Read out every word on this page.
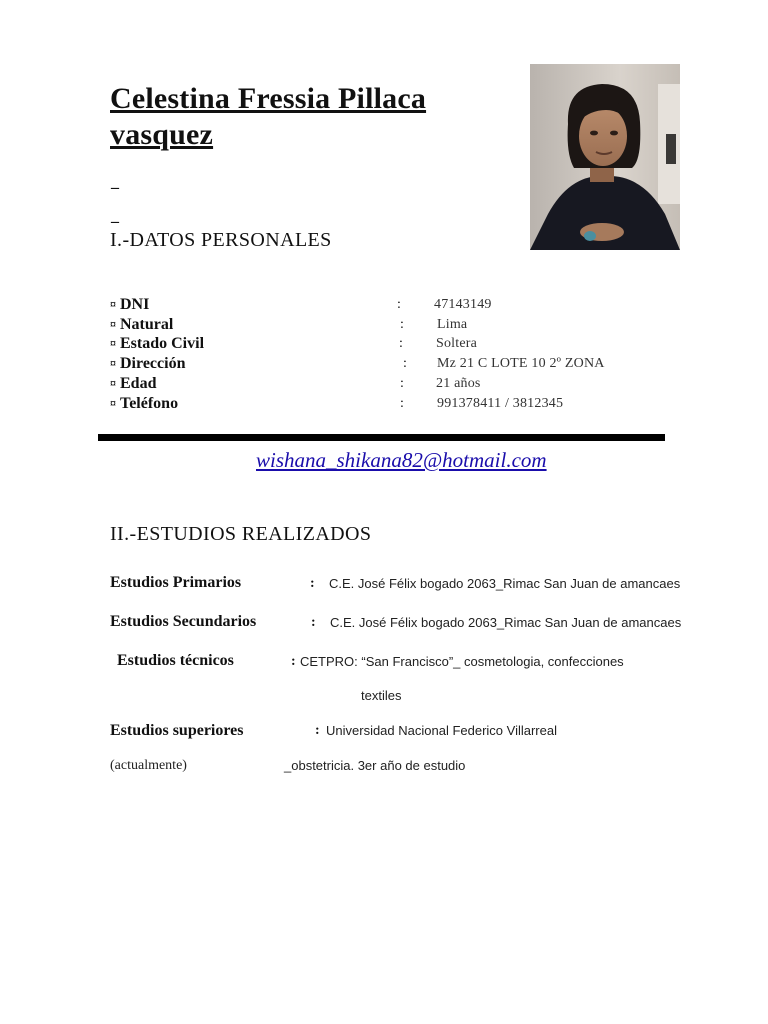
Celestina Fressia Pillaca
vasquez
_
_
I.-DATOS PERSONALES
¤ DNI	: 47143149
¤ Natural	: Lima
¤ Estado Civil	: Soltera
¤ Dirección	: Mz 21 C LOTE 10 2º ZONA
¤ Edad	: 21 años
¤ Teléfono	: 991378411 / 3812345
wishana_shikana82@hotmail.com
II.-ESTUDIOS REALIZADOS
Estudios Primarios	: C.E. José Félix bogado 2063_Rimac San Juan de amancaes
Estudios Secundarios	: C.E. José Félix bogado 2063_Rimac San Juan de amancaes
Estudios técnicos	: CETPRO: “San Francisco”_ cosmetologia, confecciones
textiles
Estudios superiores	: Universidad Nacional Federico Villarreal
(actualmente)	_obstetricia. 3er año de estudio
